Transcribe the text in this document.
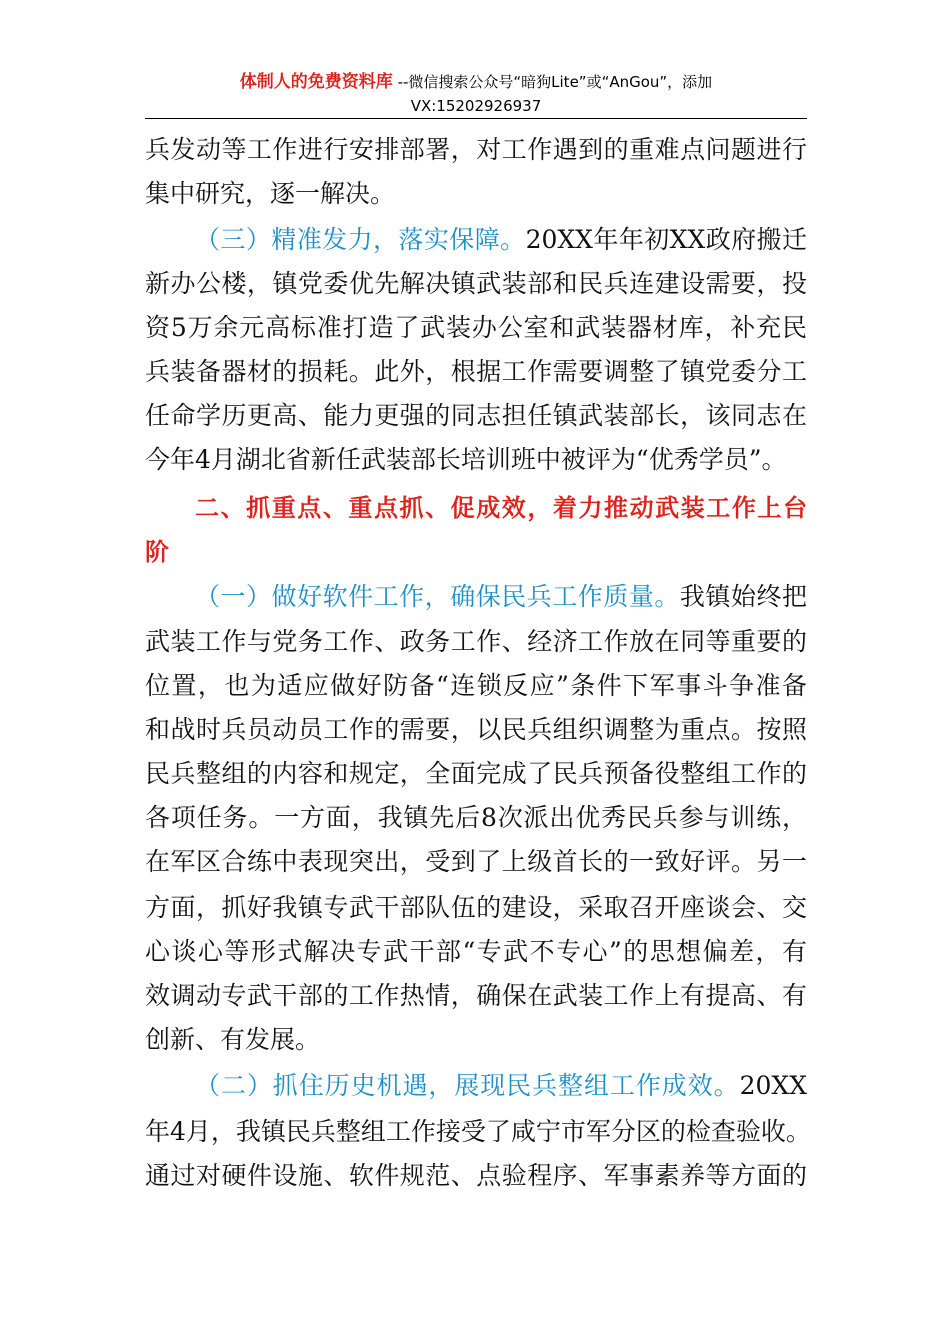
体制人的免费资料库 --微信搜索公众号“暗狗Lite”或“AnGou”，添加
VX:15202926937
兵发动等工作进行安排部署，对工作遇到的重难点问题进行
集中研究，逐一解决。
（三）精准发力，落实保障。20XX年年初XX政府搬迁
新办公楼，镇党委优先解决镇武装部和民兵连建设需要，投
资5万余元高标准打造了武装办公室和武装器材库，补充民
兵装备器材的损耗。此外，根据工作需要调整了镇党委分工
任命学历更高、能力更强的同志担任镇武装部长，该同志在
今年4月湖北省新任武装部长培训班中被评为“优秀学员”。
二、抓重点、重点抓、促成效，着力推动武装工作上台
阶
（一）做好软件工作，确保民兵工作质量。我镇始终把
武装工作与党务工作、政务工作、经济工作放在同等重要的
位置，也为适应做好防备“连锁反应”条件下军事斗争准备
和战时兵员动员工作的需要，以民兵组织调整为重点。按照
民兵整组的内容和规定，全面完成了民兵预备役整组工作的
各项任务。一方面，我镇先后8次派出优秀民兵参与训练，
在军区合练中表现突出，受到了上级首长的一致好评。另一
方面，抓好我镇专武干部队伍的建设，采取召开座谈会、交
心谈心等形式解决专武干部“专武不专心”的思想偏差，有
效调动专武干部的工作热情，确保在武装工作上有提高、有
创新、有发展。
（二）抓住历史机遇，展现民兵整组工作成效。20XX
年4月，我镇民兵整组工作接受了咸宁市军分区的检查验收。
通过对硬件设施、软件规范、点验程序、军事素养等方面的
